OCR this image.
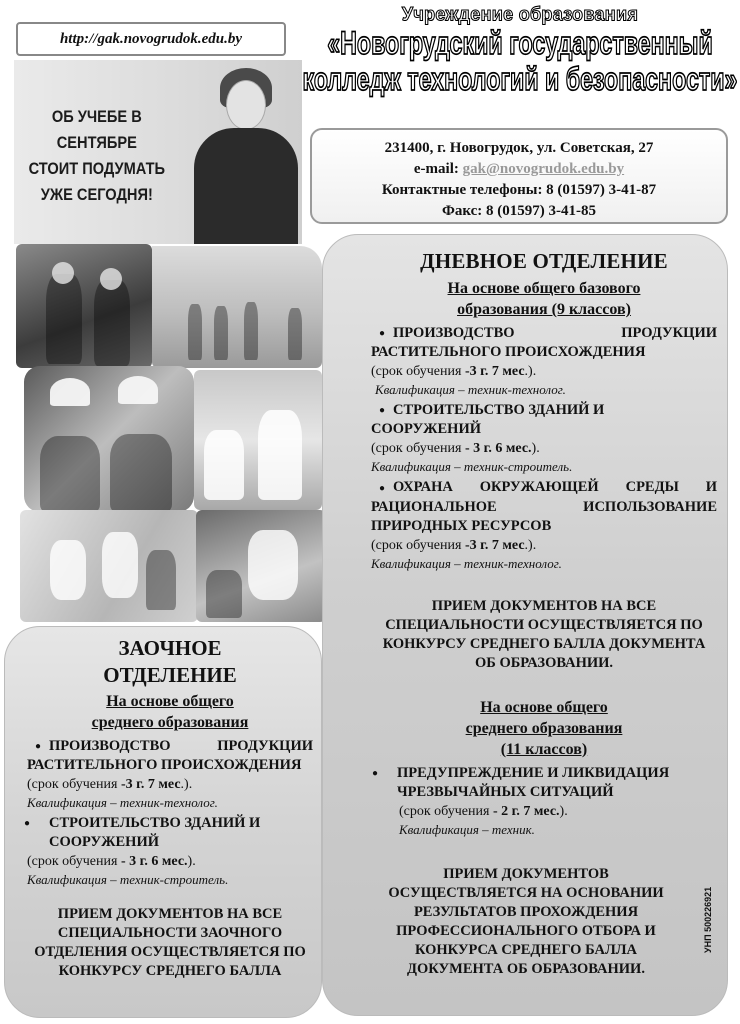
http://gak.novogrudok.edu.by
Учреждение образования
«Новогрудский государственный
колледж технологий и безопасности»
ОБ УЧЕБЕ В СЕНТЯБРЕ
СТОИТ ПОДУМАТЬ
УЖЕ СЕГОДНЯ!
231400, г. Новогрудок, ул. Советская, 27
e-mail: gak@novogrudok.edu.by
Контактные телефоны: 8 (01597) 3-41-87
Факс: 8 (01597) 3-41-85
ДНЕВНОЕ ОТДЕЛЕНИЕ
На основе общего базового
образования (9 классов)
● ПРОИЗВОДСТВО ПРОДУКЦИИ РАСТИТЕЛЬНОГО ПРОИСХОЖДЕНИЯ
(срок обучения -3 г. 7 мес.).
Квалификация – техник-технолог.
● СТРОИТЕЛЬСТВО ЗДАНИЙ И СООРУЖЕНИЙ
(срок обучения - 3 г. 6 мес.).
Квалификация – техник-строитель.
● ОХРАНА ОКРУЖАЮЩЕЙ СРЕДЫ И РАЦИОНАЛЬНОЕ ИСПОЛЬЗОВАНИЕ ПРИРОДНЫХ РЕСУРСОВ
(срок обучения -3 г. 7 мес.).
Квалификация – техник-технолог.
ПРИЕМ ДОКУМЕНТОВ НА ВСЕ СПЕЦИАЛЬНОСТИ ОСУЩЕСТВЛЯЕТСЯ ПО КОНКУРСУ СРЕДНЕГО БАЛЛА ДОКУМЕНТА ОБ ОБРАЗОВАНИИ.
На основе общего
среднего образования
(11 классов)
● ПРЕДУПРЕЖДЕНИЕ И ЛИКВИДАЦИЯ ЧРЕЗВЫЧАЙНЫХ СИТУАЦИЙ
(срок обучения - 2 г. 7 мес.).
Квалификация – техник.
ПРИЕМ ДОКУМЕНТОВ ОСУЩЕСТВЛЯЕТСЯ НА ОСНОВАНИИ РЕЗУЛЬТАТОВ ПРОХОЖДЕНИЯ ПРОФЕССИОНАЛЬНОГО ОТБОРА И КОНКУРСА СРЕДНЕГО БАЛЛА ДОКУМЕНТА ОБ ОБРАЗОВАНИИ.
ЗАОЧНОЕ
ОТДЕЛЕНИЕ
На основе общего
среднего образования
● ПРОИЗВОДСТВО ПРОДУКЦИИ РАСТИТЕЛЬНОГО ПРОИСХОЖДЕНИЯ
(срок обучения -3 г. 7 мес.).
Квалификация – техник-технолог.
● СТРОИТЕЛЬСТВО ЗДАНИЙ И СООРУЖЕНИЙ
(срок обучения - 3 г. 6 мес.).
Квалификация – техник-строитель.
ПРИЕМ ДОКУМЕНТОВ НА ВСЕ СПЕЦИАЛЬНОСТИ ЗАОЧНОГО ОТДЕЛЕНИЯ ОСУЩЕСТВЛЯЕТСЯ ПО КОНКУРСУ СРЕДНЕГО БАЛЛА
УНП 500226921
